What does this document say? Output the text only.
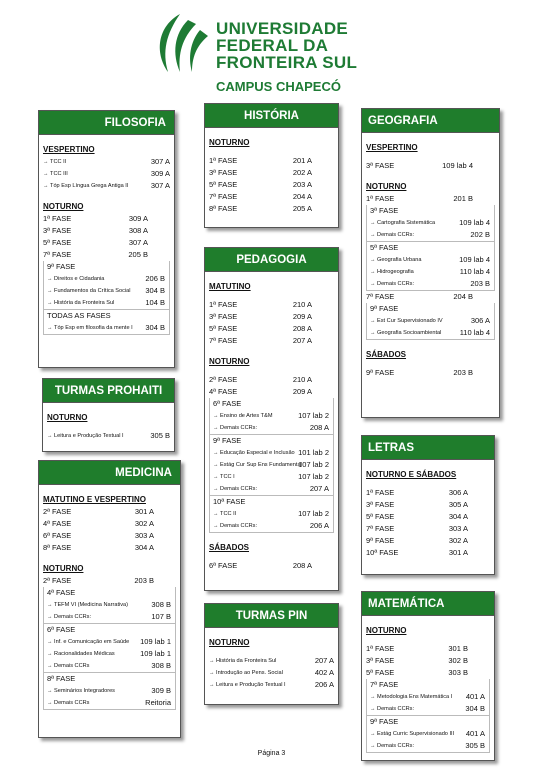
UNIVERSIDADE
FEDERAL DA
FRONTEIRA SUL
CAMPUS CHAPECÓ
FILOSOFIA
VESPERTINO
→ TCC II	307 A
→ TCC III	309 A
→ Tóp Esp Língua Grega Antiga II	307 A
NOTURNO
1ª FASE	309 A
3ª FASE	308 A
5ª FASE	307 A
7ª FASE	205 B
9ª FASE
→ Direitos e Cidadania	206 B
→ Fundamentos da Crítica Social 304 B
→ História da Fronteira Sul	104 B
TODAS AS FASES
→ Tóp Esp em filosofia da mente I 304 B
TURMAS PROHAITI
NOTURNO
→ Leitura e Produção Textual I	305 B
MEDICINA
MATUTINO E VESPERTINO
2ª FASE	301 A
4ª FASE	302 A
6ª FASE	303 A
8ª FASE	304 A
NOTURNO
2ª FASE	203 B
4ª FASE
→ TEFM VI (Medicina Narrativa)	308 B
→ Demais CCRs:	107 B
6ª FASE
→ Inf. e Comunicação em Saúde 109 lab 1
→ Racionalidades Médicas	109 lab 1
→ Demais CCRs	308 B
8ª FASE
→ Seminários Integradores	309 B
→ Demais CCRs	Reitoria
HISTÓRIA
NOTURNO
1ª FASE	201 A
3ª FASE	202 A
5ª FASE	203 A
7ª FASE	204 A
8ª FASE	205 A
PEDAGOGIA
MATUTINO
1ª FASE	210 A
3ª FASE	209 A
5ª FASE	208 A
7ª FASE	207 A
NOTURNO
2ª FASE	210 A
4ª FASE	209 A
6ª FASE
→ Ensino de Artes T&M	107 lab 2
→ Demais CCRs:	208 A
9ª FASE
→ Educação Especial e Inclusão 101 lab 2
→ Estág Cur Sup Ens Fundamental
107 lab 2
→ TCC I	107 lab 2
→ Demais CCRs:	207 A
10ª FASE
→ TCC II	107 lab 2
→ Demais CCRs:	206 A
SÁBADOS
6ª FASE	208 A
TURMAS PIN
NOTURNO
→ História da Fronteira Sul	207 A
→ Introdução ao Pens. Social	402 A
→ Leitura e Produção Textual I	206 A
GEOGRAFIA
VESPERTINO
3ª FASE	109 lab 4
NOTURNO
1ª FASE	201 B
3ª FASE
→ Cartografia Sistemática	109 lab 4
→ Demais CCRs:	202 B
5ª FASE
→ Geografia Urbana	109 lab 4
→ Hidrogeografia	110 lab 4
→ Demais CCRs:	203 B
7ª FASE	204 B
9ª FASE
→ Est Cur Supervisionado IV	306 A
→ Geografia Socioambiental 110 lab 4
SÁBADOS
9ª FASE	203 B
LETRAS
NOTURNO E SÁBADOS
1ª FASE	306 A
3ª FASE	305 A
5ª FASE	304 A
7ª FASE	303 A
9ª FASE	302 A
10ª FASE	301 A
MATEMÁTICA
NOTURNO
1ª FASE	301 B
3ª FASE	302 B
5ª FASE	303 B
7ª FASE
→ Metodologia Ens Matemática I 401 A
→ Demais CCRs:	304 B
9ª FASE
→ Estág Curric Supervisionado III 401 A
→ Demais CCRs:	305 B
Página 3
